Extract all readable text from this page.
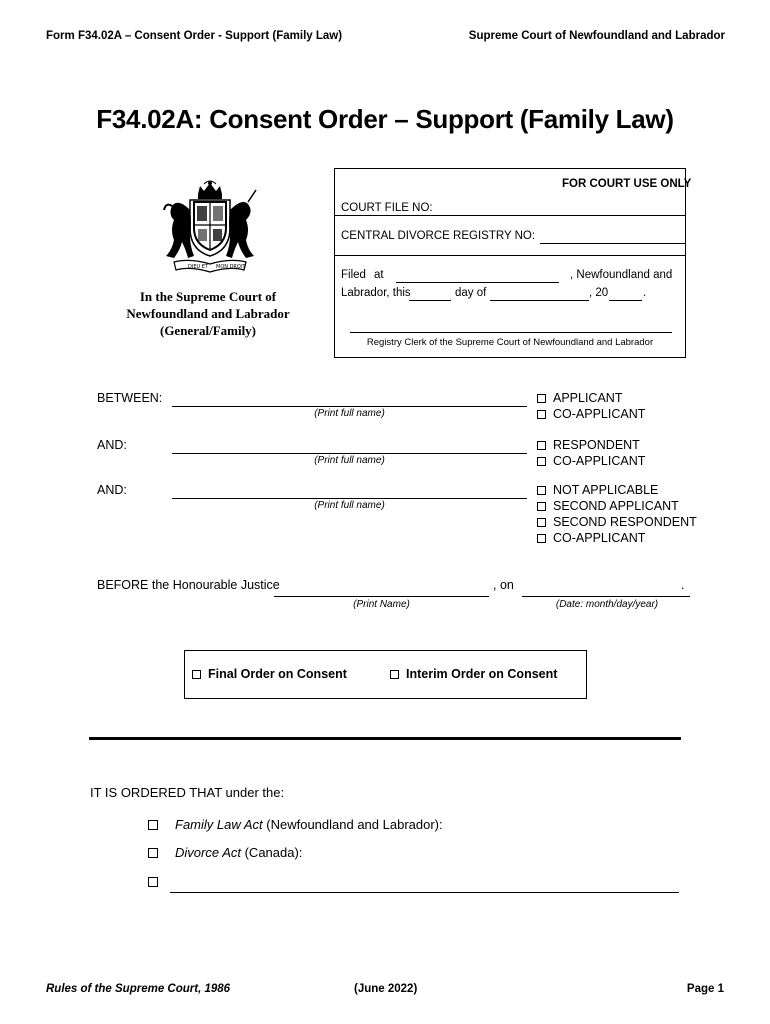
Form F34.02A – Consent Order - Support (Family Law)	Supreme Court of Newfoundland and Labrador
F34.02A: Consent Order – Support (Family Law)
DIEU ET MON DROIT
In the Supreme Court of
Newfoundland and Labrador
(General/Family)
FOR COURT USE ONLY
COURT FILE NO:
CENTRAL DIVORCE REGISTRY NO:
Filed at	, Newfoundland and
Labrador, this	day of	, 20	.
Registry Clerk of the Supreme Court of Newfoundland and Labrador
BETWEEN:
(Print full name)
APPLICANT
CO-APPLICANT
AND:
(Print full name)
RESPONDENT
CO-APPLICANT
AND:
(Print full name)
NOT APPLICABLE
SECOND APPLICANT
SECOND RESPONDENT
CO-APPLICANT
BEFORE the Honourable Justice	, on	.
(Print Name)	(Date: month/day/year)
Final Order on Consent	Interim Order on Consent
IT IS ORDERED THAT under the:
Family Law Act (Newfoundland and Labrador):
Divorce Act (Canada):
Rules of the Supreme Court, 1986	(June 2022)	Page 1
